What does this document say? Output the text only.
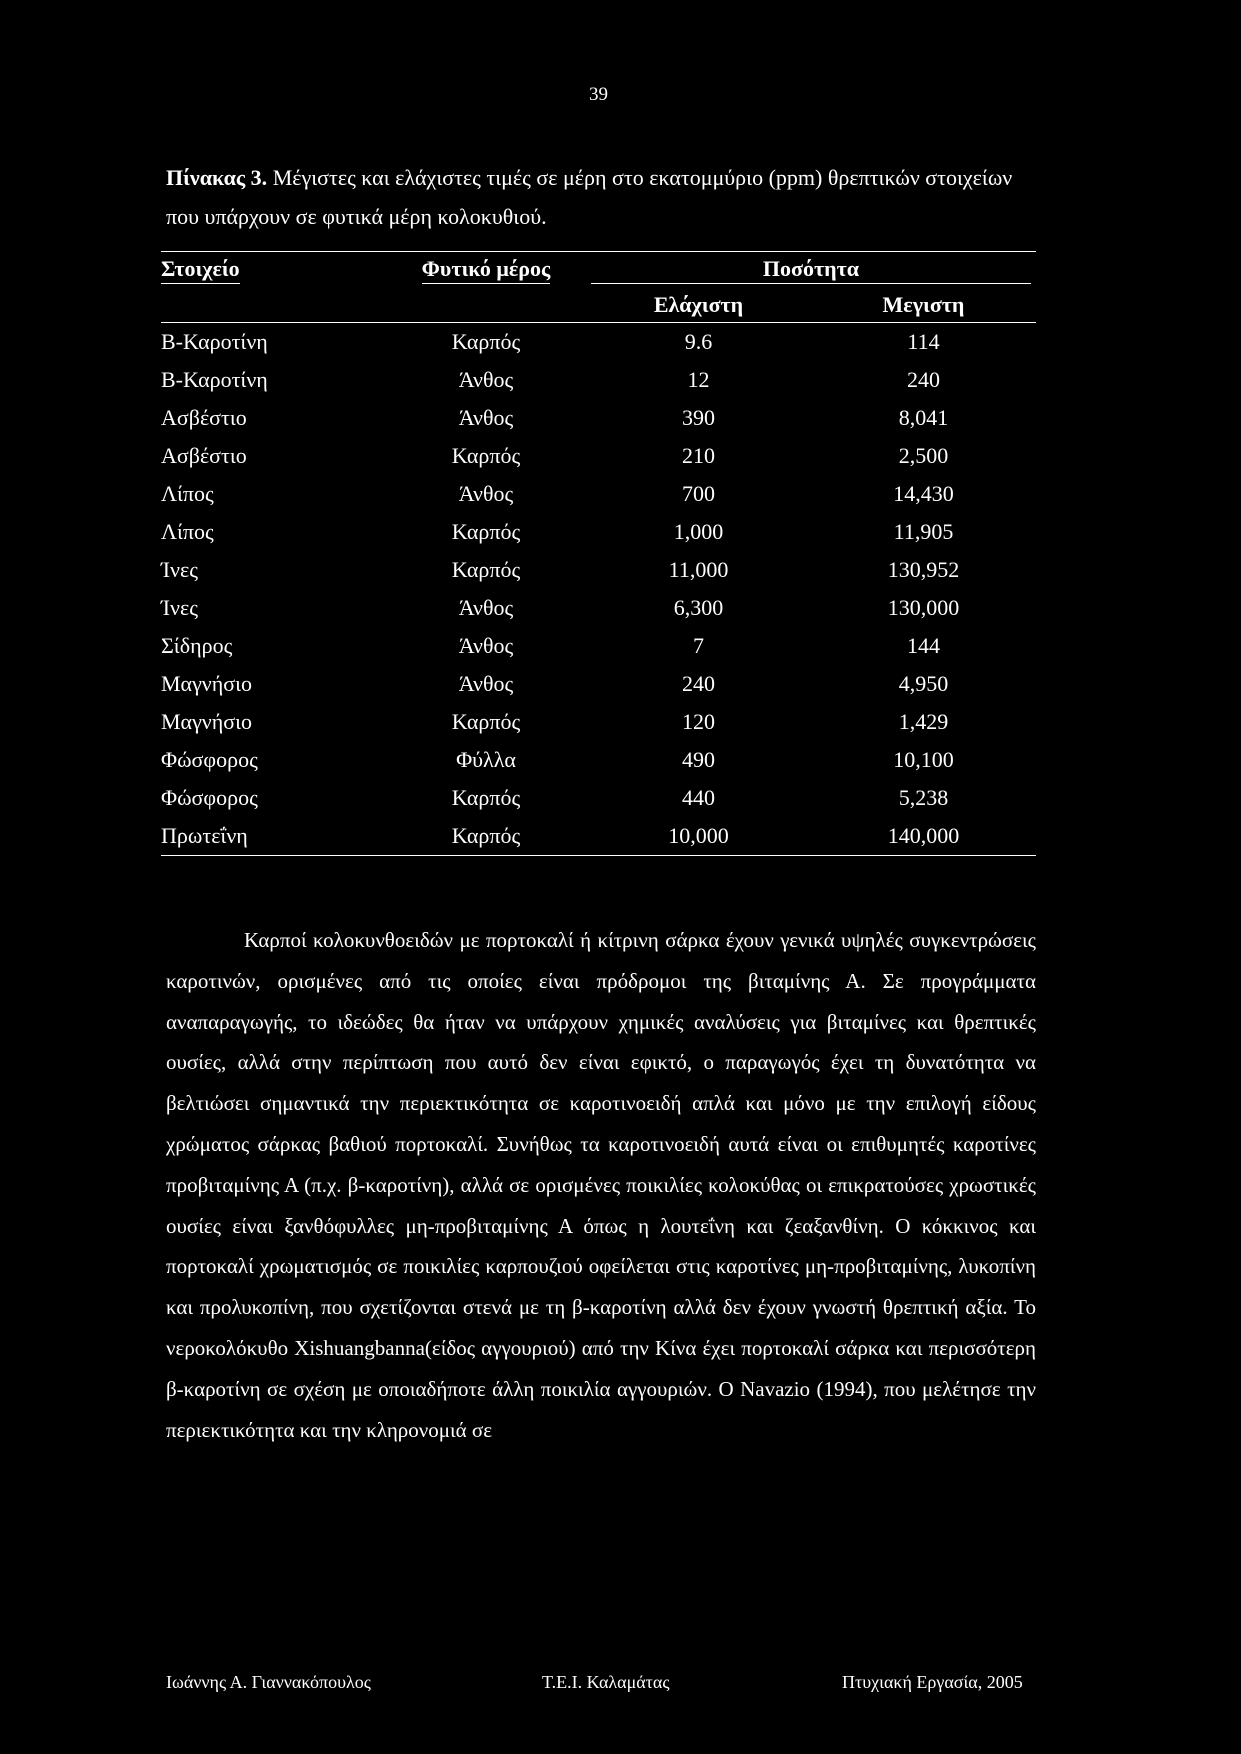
39
Πίνακας 3. Μέγιστες και ελάχιστες τιμές σε μέρη στο εκατομμύριο (ppm) θρεπτικών στοιχείων που υπάρχουν σε φυτικά μέρη κολοκυθιού.
Στοιχείο	Φυτικό μέρος	Ποσότητα	
		Ελάχιστη	Μεγιστη
Β-Καροτίνη	Καρπός	9.6	114
Β-Καροτίνη	Άνθος	12	240
Ασβέστιο	Άνθος	390	8,041
Ασβέστιο	Καρπός	210	2,500
Λίπος	Άνθος	700	14,430
Λίπος	Καρπός	1,000	11,905
Ίνες	Καρπός	11,000	130,952
Ίνες	Άνθος	6,300	130,000
Σίδηρος	Άνθος	7	144
Μαγνήσιο	Άνθος	240	4,950
Μαγνήσιο	Καρπός	120	1,429
Φώσφορος	Φύλλα	490	10,100
Φώσφορος	Καρπός	440	5,238
Πρωτεΐνη	Καρπός	10,000	140,000

Καρποί κολοκυνθοειδών με πορτοκαλί ή κίτρινη σάρκα έχουν γενικά υψηλές συγκεντρώσεις καροτινών, ορισμένες από τις οποίες είναι πρόδρομοι της βιταμίνης Α. Σε προγράμματα αναπαραγωγής, το ιδεώδες θα ήταν να υπάρχουν χημικές αναλύσεις για βιταμίνες και θρεπτικές ουσίες, αλλά στην περίπτωση που αυτό δεν είναι εφικτό, ο παραγωγός έχει τη δυνατότητα να βελτιώσει σημαντικά την περιεκτικότητα σε καροτινοειδή απλά και μόνο με την επιλογή είδους χρώματος σάρκας βαθιού πορτοκαλί. Συνήθως τα καροτινοειδή αυτά είναι οι επιθυμητές καροτίνες προβιταμίνης Α (π.χ. β-καροτίνη), αλλά σε ορισμένες ποικιλίες κολοκύθας οι επικρατούσες χρωστικές ουσίες είναι ξανθόφυλλες μη-προβιταμίνης Α όπως η λουτεΐνη και ζεαξανθίνη. Ο κόκκινος και πορτοκαλί χρωματισμός σε ποικιλίες καρπουζιού οφείλεται στις καροτίνες μη-προβιταμίνης, λυκοπίνη και προλυκοπίνη, που σχετίζονται στενά με τη β-καροτίνη αλλά δεν έχουν γνωστή θρεπτική αξία. Το νεροκολόκυθο Xishuangbanna(είδος αγγουριού) από την Κίνα έχει πορτοκαλί σάρκα και περισσότερη β-καροτίνη σε σχέση με οποιαδήποτε άλλη ποικιλία αγγουριών. Ο Navazio (1994), που μελέτησε την περιεκτικότητα και την κληρονομιά σε

Ιωάννης Α. Γιαννακόπουλος	Τ.Ε.Ι. Καλαμάτας	Πτυχιακή Εργασία, 2005
